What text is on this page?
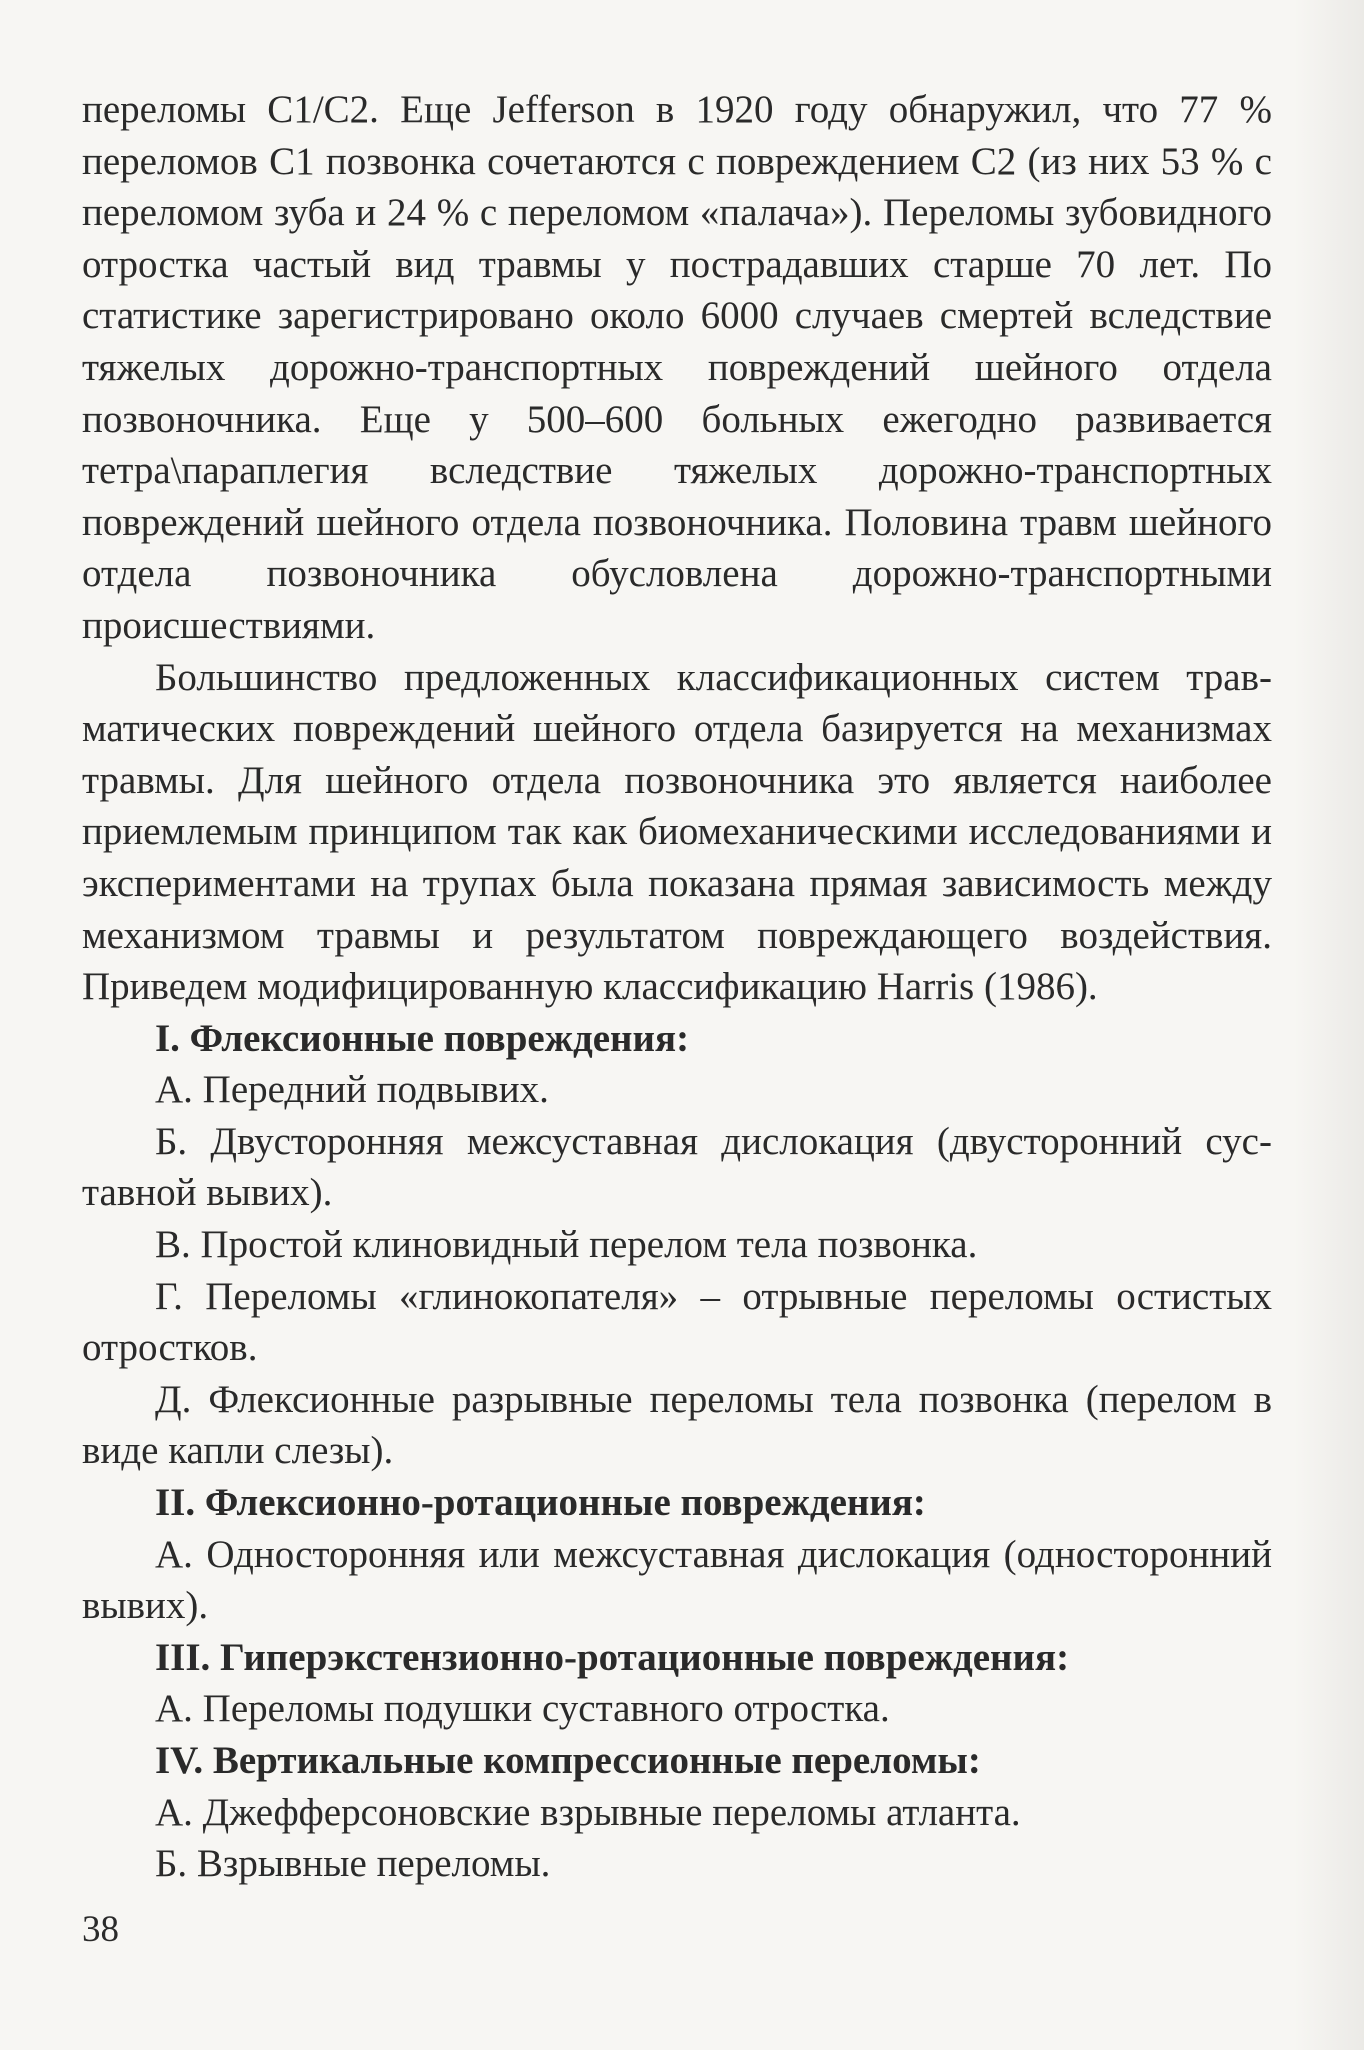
переломы C1/C2. Еще Jefferson в 1920 году обнаружил, что 77 % переломов C1 позвонка сочетаются с повреждением C2 (из них 53 % с переломом зуба и 24 % с переломом «палача»). Переломы зубовидного отростка частый вид травмы у пострадавших старше 70 лет. По статистике зарегистрировано около 6000 случаев смертей вследствие тяжелых дорожно-транспортных повреждений шейного отдела позвоночника. Еще у 500–600 больных ежегодно развивается тетра\параплегия вследствие тяжелых дорожно-транспортных повреждений шейного отдела позвоночника. Половина травм шейного отдела позвоночника обусловлена дорожно-транспортными происшествиями.

Большинство предложенных классификационных систем травматических повреждений шейного отдела базируется на механизмах травмы. Для шейного отдела позвоночника это является наиболее приемлемым принципом так как биомеханическими исследованиями и экспериментами на трупах была показана прямая зависимость между механизмом травмы и результатом повреждающего воздействия. Приведем модифицированную классификацию Harris (1986).

I. Флексионные повреждения:

А. Передний подвывих.

Б. Двусторонняя межсуставная дислокация (двусторонний суставной вывих).

В. Простой клиновидный перелом тела позвонка.

Г. Переломы «глинокопателя» – отрывные переломы остистых отростков.

Д. Флексионные разрывные переломы тела позвонка (перелом в виде капли слезы).

II. Флексионно-ротационные повреждения:

А. Односторонняя или межсуставная дислокация (односторонний вывих).

III. Гиперэкстензионно-ротационные повреждения:

А. Переломы подушки суставного отростка.

IV. Вертикальные компрессионные переломы:

А. Джефферсоновские взрывные переломы атланта.

Б. Взрывные переломы.

38
